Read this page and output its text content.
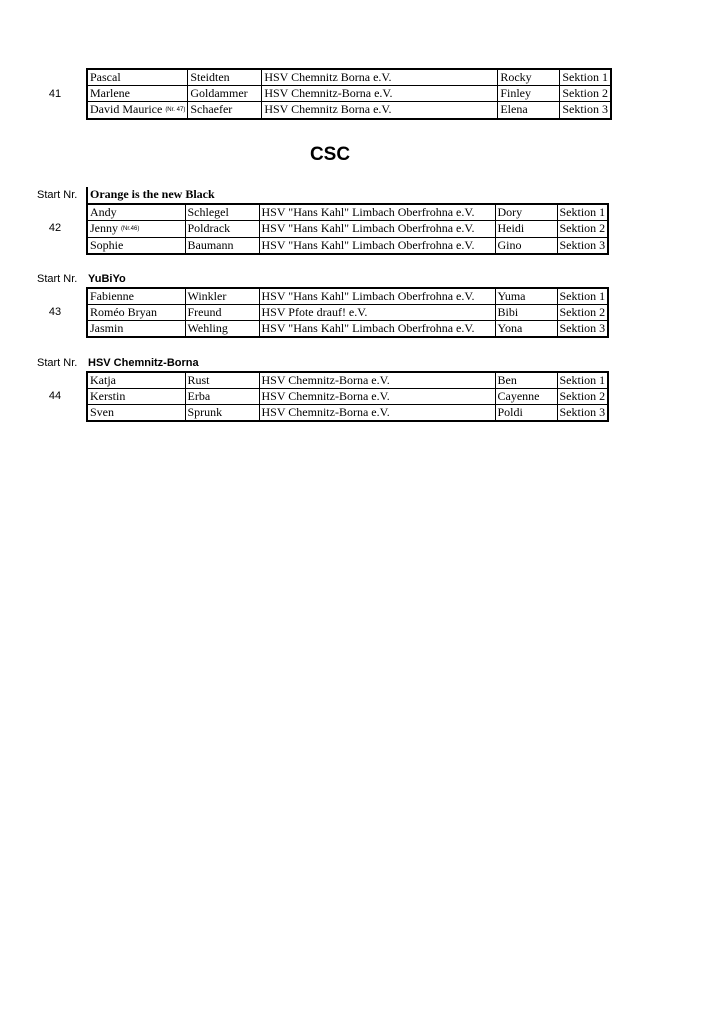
41
Pascal	Steidten	HSV Chemnitz Borna e.V.	Rocky	Sektion 1
Marlene	Goldammer	HSV Chemnitz-Borna e.V.	Finley	Sektion 2
David Maurice (Nr. 47)	Schaefer	HSV Chemnitz Borna e.V.	Elena	Sektion 3
CSC
Start Nr.	Orange is the new Black
42
Andy	Schlegel	HSV "Hans Kahl" Limbach Oberfrohna e.V.	Dory	Sektion 1
Jenny (Nr.46)	Poldrack	HSV "Hans Kahl" Limbach Oberfrohna e.V.	Heidi	Sektion 2
Sophie	Baumann	HSV "Hans Kahl" Limbach Oberfrohna e.V.	Gino	Sektion 3
Start Nr. YuBiYo
43
Fabienne	Winkler	HSV "Hans Kahl" Limbach Oberfrohna e.V.	Yuma	Sektion 1
Roméo Bryan	Freund	HSV Pfote drauf! e.V.	Bibi	Sektion 2
Jasmin	Wehling	HSV "Hans Kahl" Limbach Oberfrohna e.V.	Yona	Sektion 3
Start Nr. HSV Chemnitz-Borna
44
Katja	Rust	HSV Chemnitz-Borna e.V.	Ben	Sektion 1
Kerstin	Erba	HSV Chemnitz-Borna e.V.	Cayenne	Sektion 2
Sven	Sprunk	HSV Chemnitz-Borna e.V.	Poldi	Sektion 3
